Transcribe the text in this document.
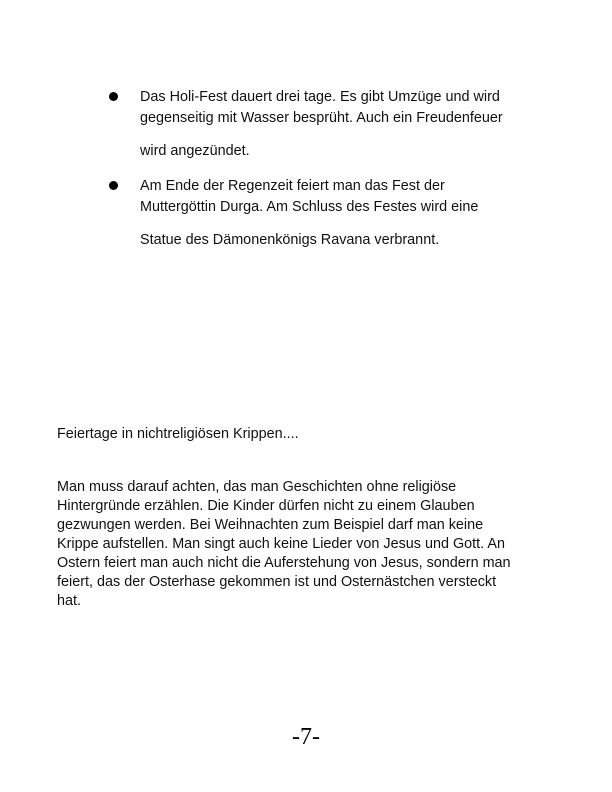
Das Holi-Fest dauert drei tage. Es gibt Umzüge und wird
gegenseitig mit Wasser besprüht. Auch ein Freudenfeuer
wird angezündet.
Am Ende der Regenzeit feiert man das Fest der
Muttergöttin Durga. Am Schluss des Festes wird eine
Statue des Dämonenkönigs Ravana verbrannt.
Feiertage in nichtreligiösen Krippen....
Man muss darauf achten, das man Geschichten ohne religiöse
Hintergründe erzählen. Die Kinder dürfen nicht zu einem Glauben
gezwungen werden. Bei Weihnachten zum Beispiel darf man keine
Krippe aufstellen. Man singt auch keine Lieder von Jesus und Gott. An
Ostern feiert man auch nicht die Auferstehung von Jesus, sondern man
feiert, das der Osterhase gekommen ist und Osternästchen versteckt
hat.
-7-
